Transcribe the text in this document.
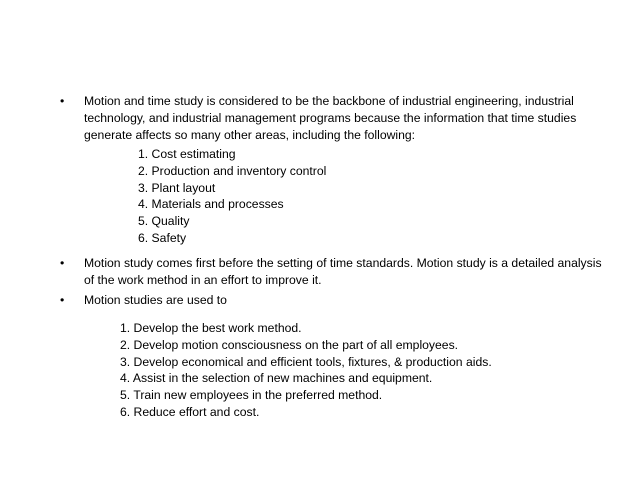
•	Motion and time study is considered to be the backbone of industrial engineering, industrial technology, and industrial management programs because the information that time studies generate affects so many other areas, including the following:
1. Cost estimating
2. Production and inventory control
3. Plant layout
4. Materials and processes
5. Quality
6. Safety
•	Motion study comes first before the setting of time standards. Motion study is a detailed analysis of the work method in an effort to improve it.
•	Motion studies are used to
1. Develop the best work method.
2. Develop motion consciousness on the part of all employees.
3. Develop economical and efficient tools, fixtures, & production aids.
4. Assist in the selection of new machines and equipment.
5. Train new employees in the preferred method.
6. Reduce effort and cost.
